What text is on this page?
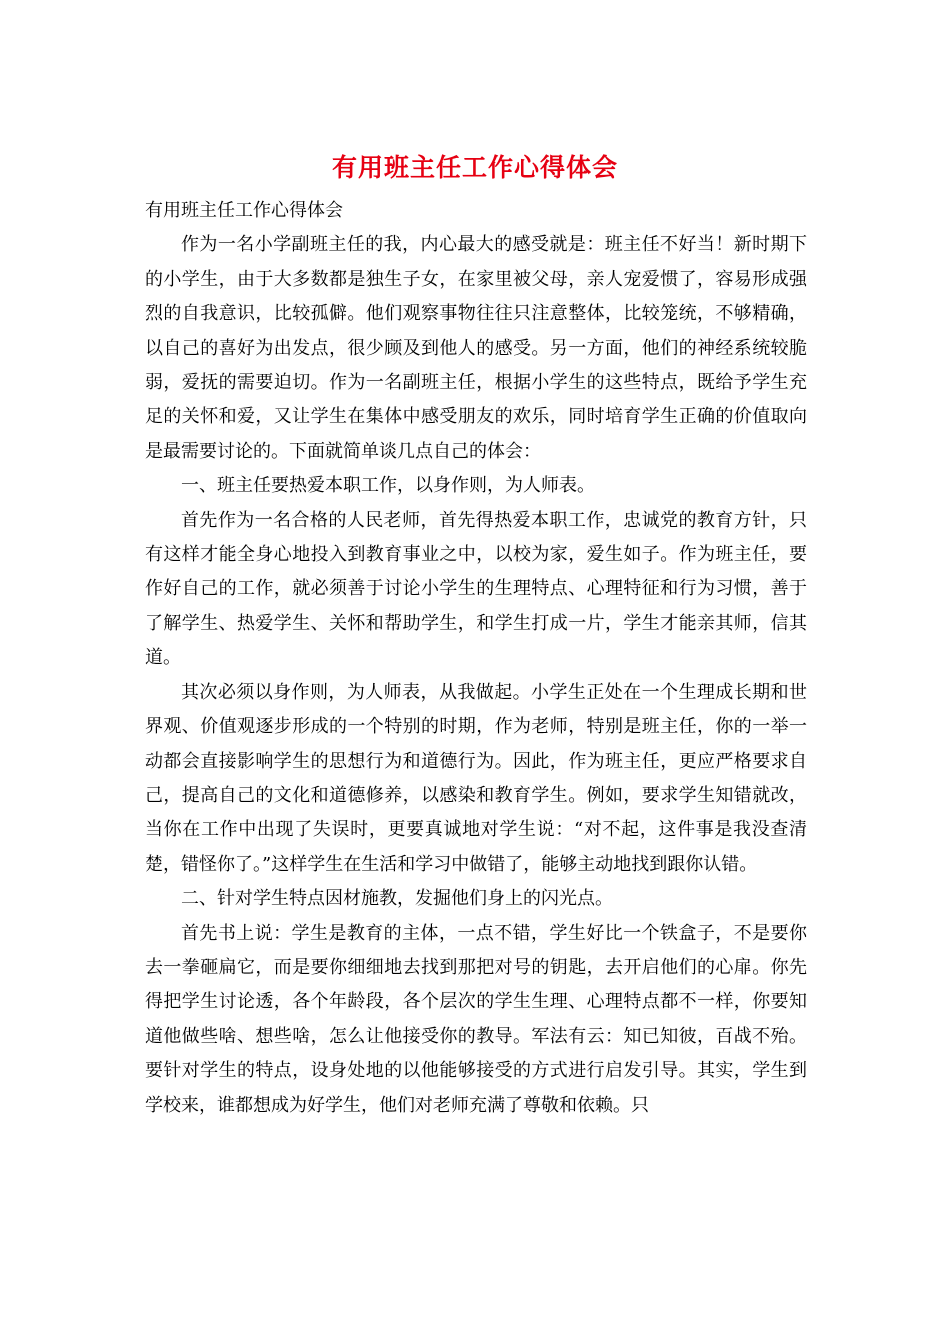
有用班主任工作心得体会

有用班主任工作心得体会

作为一名小学副班主任的我，内心最大的感受就是：班主任不好当！新时期下的小学生，由于大多数都是独生子女，在家里被父母，亲人宠爱惯了，容易形成强烈的自我意识，比较孤僻。他们观察事物往往只注意整体，比较笼统，不够精确，以自己的喜好为出发点，很少顾及到他人的感受。另一方面，他们的神经系统较脆弱，爱抚的需要迫切。作为一名副班主任，根据小学生的这些特点，既给予学生充足的关怀和爱，又让学生在集体中感受朋友的欢乐，同时培育学生正确的价值取向是最需要讨论的。下面就简单谈几点自己的体会：

一、班主任要热爱本职工作，以身作则，为人师表。

首先作为一名合格的人民老师，首先得热爱本职工作，忠诚党的教育方针，只有这样才能全身心地投入到教育事业之中，以校为家，爱生如子。作为班主任，要作好自己的工作，就必须善于讨论小学生的生理特点、心理特征和行为习惯，善于了解学生、热爱学生、关怀和帮助学生，和学生打成一片，学生才能亲其师，信其道。

其次必须以身作则，为人师表，从我做起。小学生正处在一个生理成长期和世界观、价值观逐步形成的一个特别的时期，作为老师，特别是班主任，你的一举一动都会直接影响学生的思想行为和道德行为。因此，作为班主任，更应严格要求自己，提高自己的文化和道德修养，以感染和教育学生。例如，要求学生知错就改，当你在工作中出现了失误时，更要真诚地对学生说：“对不起，这件事是我没查清楚，错怪你了。”这样学生在生活和学习中做错了，能够主动地找到跟你认错。

二、针对学生特点因材施教，发掘他们身上的闪光点。

首先书上说：学生是教育的主体，一点不错，学生好比一个铁盒子，不是要你去一拳砸扁它，而是要你细细地去找到那把对号的钥匙，去开启他们的心扉。你先得把学生讨论透，各个年龄段，各个层次的学生生理、心理特点都不一样，你要知道他做些啥、想些啥，怎么让他接受你的教导。军法有云：知已知彼，百战不殆。要针对学生的特点，设身处地的以他能够接受的方式进行启发引导。其实，学生到学校来，谁都想成为好学生，他们对老师充满了尊敬和依赖。只
